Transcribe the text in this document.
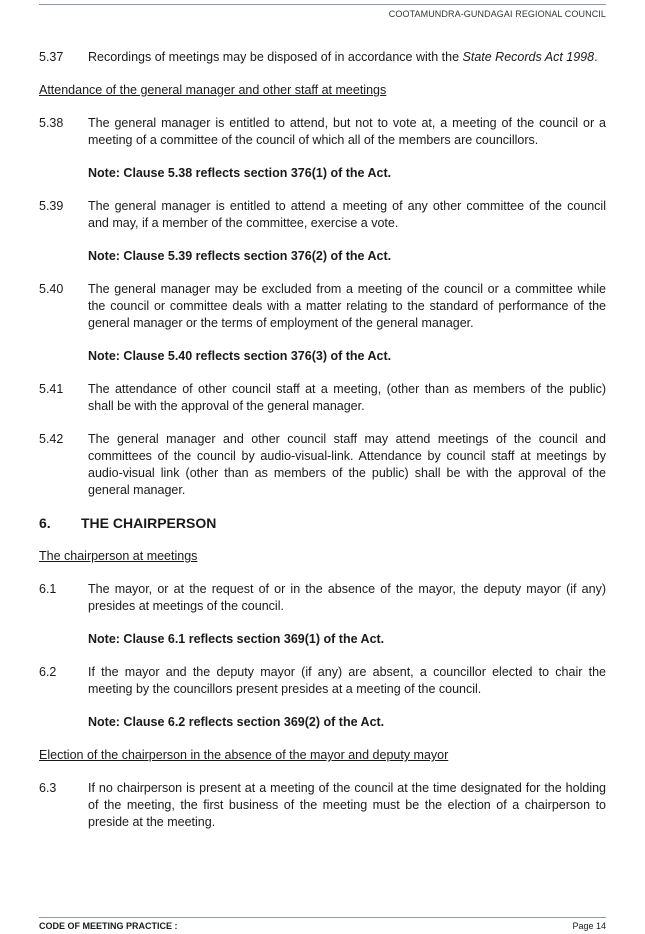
COOTAMUNDRA-GUNDAGAI REGIONAL COUNCIL
5.37	Recordings of meetings may be disposed of in accordance with the State Records Act 1998.
Attendance of the general manager and other staff at meetings
5.38	The general manager is entitled to attend, but not to vote at, a meeting of the council or a meeting of a committee of the council of which all of the members are councillors.
Note: Clause 5.38 reflects section 376(1) of the Act.
5.39	The general manager is entitled to attend a meeting of any other committee of the council and may, if a member of the committee, exercise a vote.
Note: Clause 5.39 reflects section 376(2) of the Act.
5.40	The general manager may be excluded from a meeting of the council or a committee while the council or committee deals with a matter relating to the standard of performance of the general manager or the terms of employment of the general manager.
Note: Clause 5.40 reflects section 376(3) of the Act.
5.41	The attendance of other council staff at a meeting, (other than as members of the public) shall be with the approval of the general manager.
5.42	The general manager and other council staff may attend meetings of the council and committees of the council by audio-visual-link. Attendance by council staff at meetings by audio-visual link (other than as members of the public) shall be with the approval of the general manager.
6.	THE CHAIRPERSON
The chairperson at meetings
6.1	The mayor, or at the request of or in the absence of the mayor, the deputy mayor (if any) presides at meetings of the council.
Note: Clause 6.1 reflects section 369(1) of the Act.
6.2	If the mayor and the deputy mayor (if any) are absent, a councillor elected to chair the meeting by the councillors present presides at a meeting of the council.
Note: Clause 6.2 reflects section 369(2) of the Act.
Election of the chairperson in the absence of the mayor and deputy mayor
6.3	If no chairperson is present at a meeting of the council at the time designated for the holding of the meeting, the first business of the meeting must be the election of a chairperson to preside at the meeting.
CODE OF MEETING PRACTICE :	Page 14
